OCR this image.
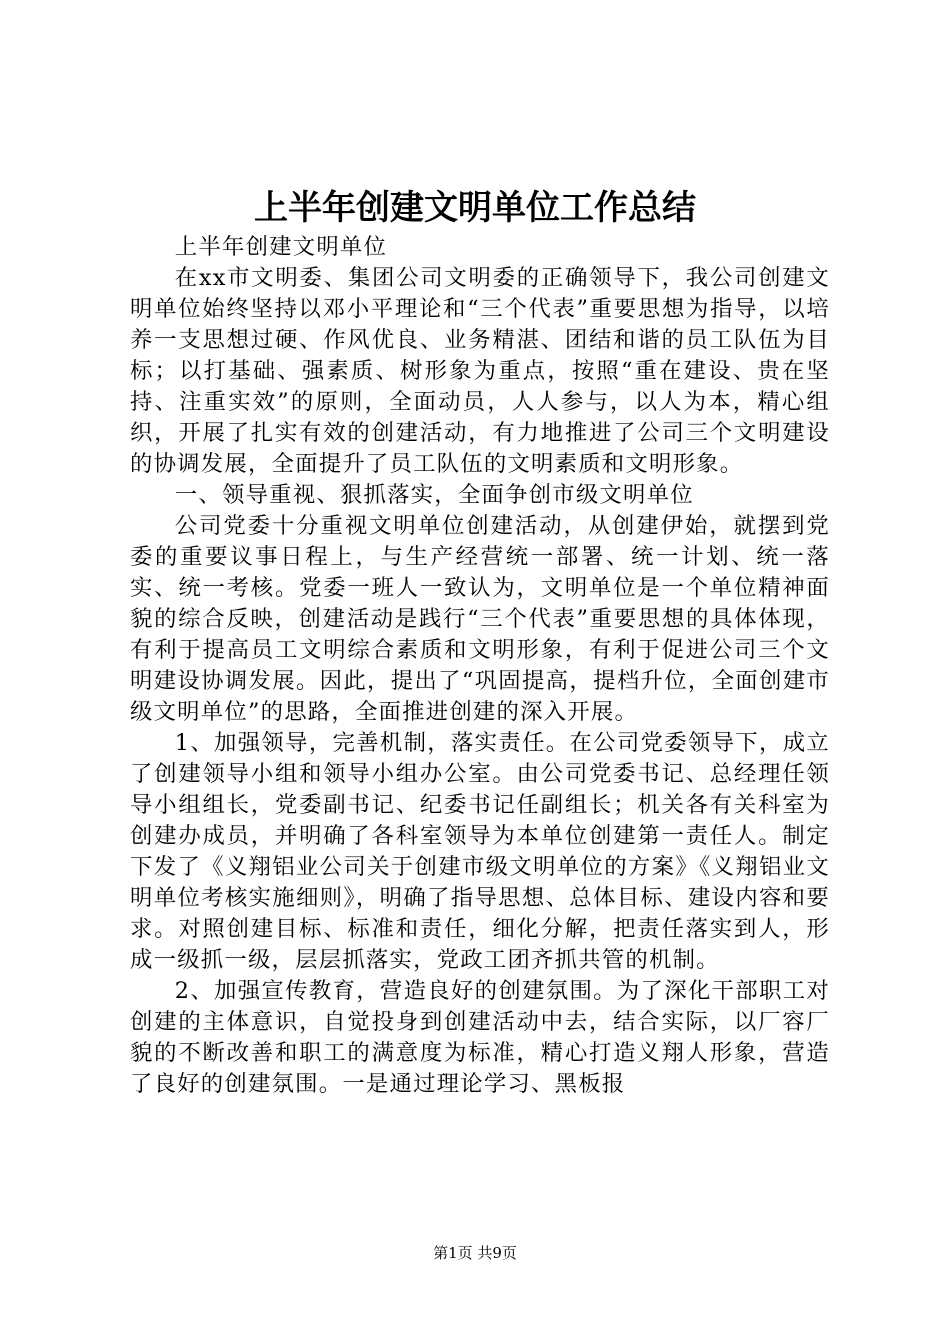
上半年创建文明单位工作总结

上半年创建文明单位

在xx市文明委、集团公司文明委的正确领导下，我公司创建文明单位始终坚持以邓小平理论和“三个代表”重要思想为指导，以培养一支思想过硬、作风优良、业务精湛、团结和谐的员工队伍为目标；以打基础、强素质、树形象为重点，按照“重在建设、贵在坚持、注重实效”的原则，全面动员，人人参与，以人为本，精心组织，开展了扎实有效的创建活动，有力地推进了公司三个文明建设的协调发展，全面提升了员工队伍的文明素质和文明形象。

一、领导重视、狠抓落实，全面争创市级文明单位

公司党委十分重视文明单位创建活动，从创建伊始，就摆到党委的重要议事日程上，与生产经营统一部署、统一计划、统一落实、统一考核。党委一班人一致认为，文明单位是一个单位精神面貌的综合反映，创建活动是践行“三个代表”重要思想的具体体现，有利于提高员工文明综合素质和文明形象，有利于促进公司三个文明建设协调发展。因此，提出了“巩固提高，提档升位，全面创建市级文明单位”的思路，全面推进创建的深入开展。

1、加强领导，完善机制，落实责任。在公司党委领导下，成立了创建领导小组和领导小组办公室。由公司党委书记、总经理任领导小组组长，党委副书记、纪委书记任副组长；机关各有关科室为创建办成员，并明确了各科室领导为本单位创建第一责任人。制定下发了《义翔铝业公司关于创建市级文明单位的方案》《义翔铝业文明单位考核实施细则》，明确了指导思想、总体目标、建设内容和要求。对照创建目标、标准和责任，细化分解，把责任落实到人，形成一级抓一级，层层抓落实，党政工团齐抓共管的机制。

2、加强宣传教育，营造良好的创建氛围。为了深化干部职工对创建的主体意识，自觉投身到创建活动中去，结合实际，以厂容厂貌的不断改善和职工的满意度为标准，精心打造义翔人形象，营造了良好的创建氛围。一是通过理论学习、黑板报

第1页 共9页
